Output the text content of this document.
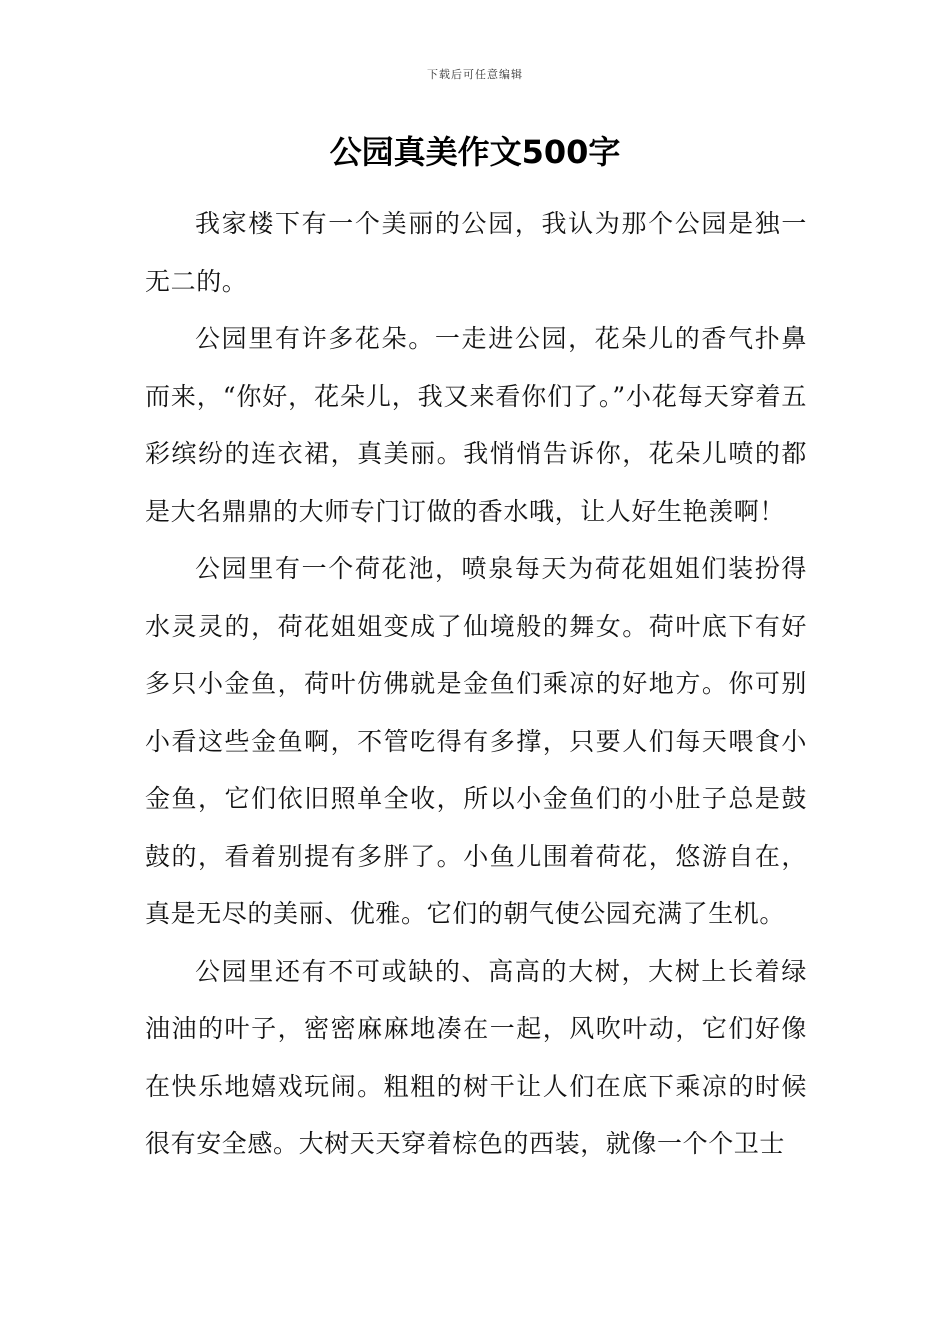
下载后可任意编辑
公园真美作文500字

我家楼下有一个美丽的公园，我认为那个公园是独一无二的。

公园里有许多花朵。一走进公园，花朵儿的香气扑鼻而来，“你好，花朵儿，我又来看你们了。”小花每天穿着五彩缤纷的连衣裙，真美丽。我悄悄告诉你，花朵儿喷的都是大名鼎鼎的大师专门订做的香水哦，让人好生艳羡啊！

公园里有一个荷花池，喷泉每天为荷花姐姐们装扮得水灵灵的，荷花姐姐变成了仙境般的舞女。荷叶底下有好多只小金鱼，荷叶仿佛就是金鱼们乘凉的好地方。你可别小看这些金鱼啊，不管吃得有多撑，只要人们每天喂食小金鱼，它们依旧照单全收，所以小金鱼们的小肚子总是鼓鼓的，看着别提有多胖了。小鱼儿围着荷花，悠游自在，真是无尽的美丽、优雅。它们的朝气使公园充满了生机。

公园里还有不可或缺的、高高的大树，大树上长着绿油油的叶子，密密麻麻地凑在一起，风吹叶动，它们好像在快乐地嬉戏玩闹。粗粗的树干让人们在底下乘凉的时候很有安全感。大树天天穿着棕色的西装，就像一个个卫士
